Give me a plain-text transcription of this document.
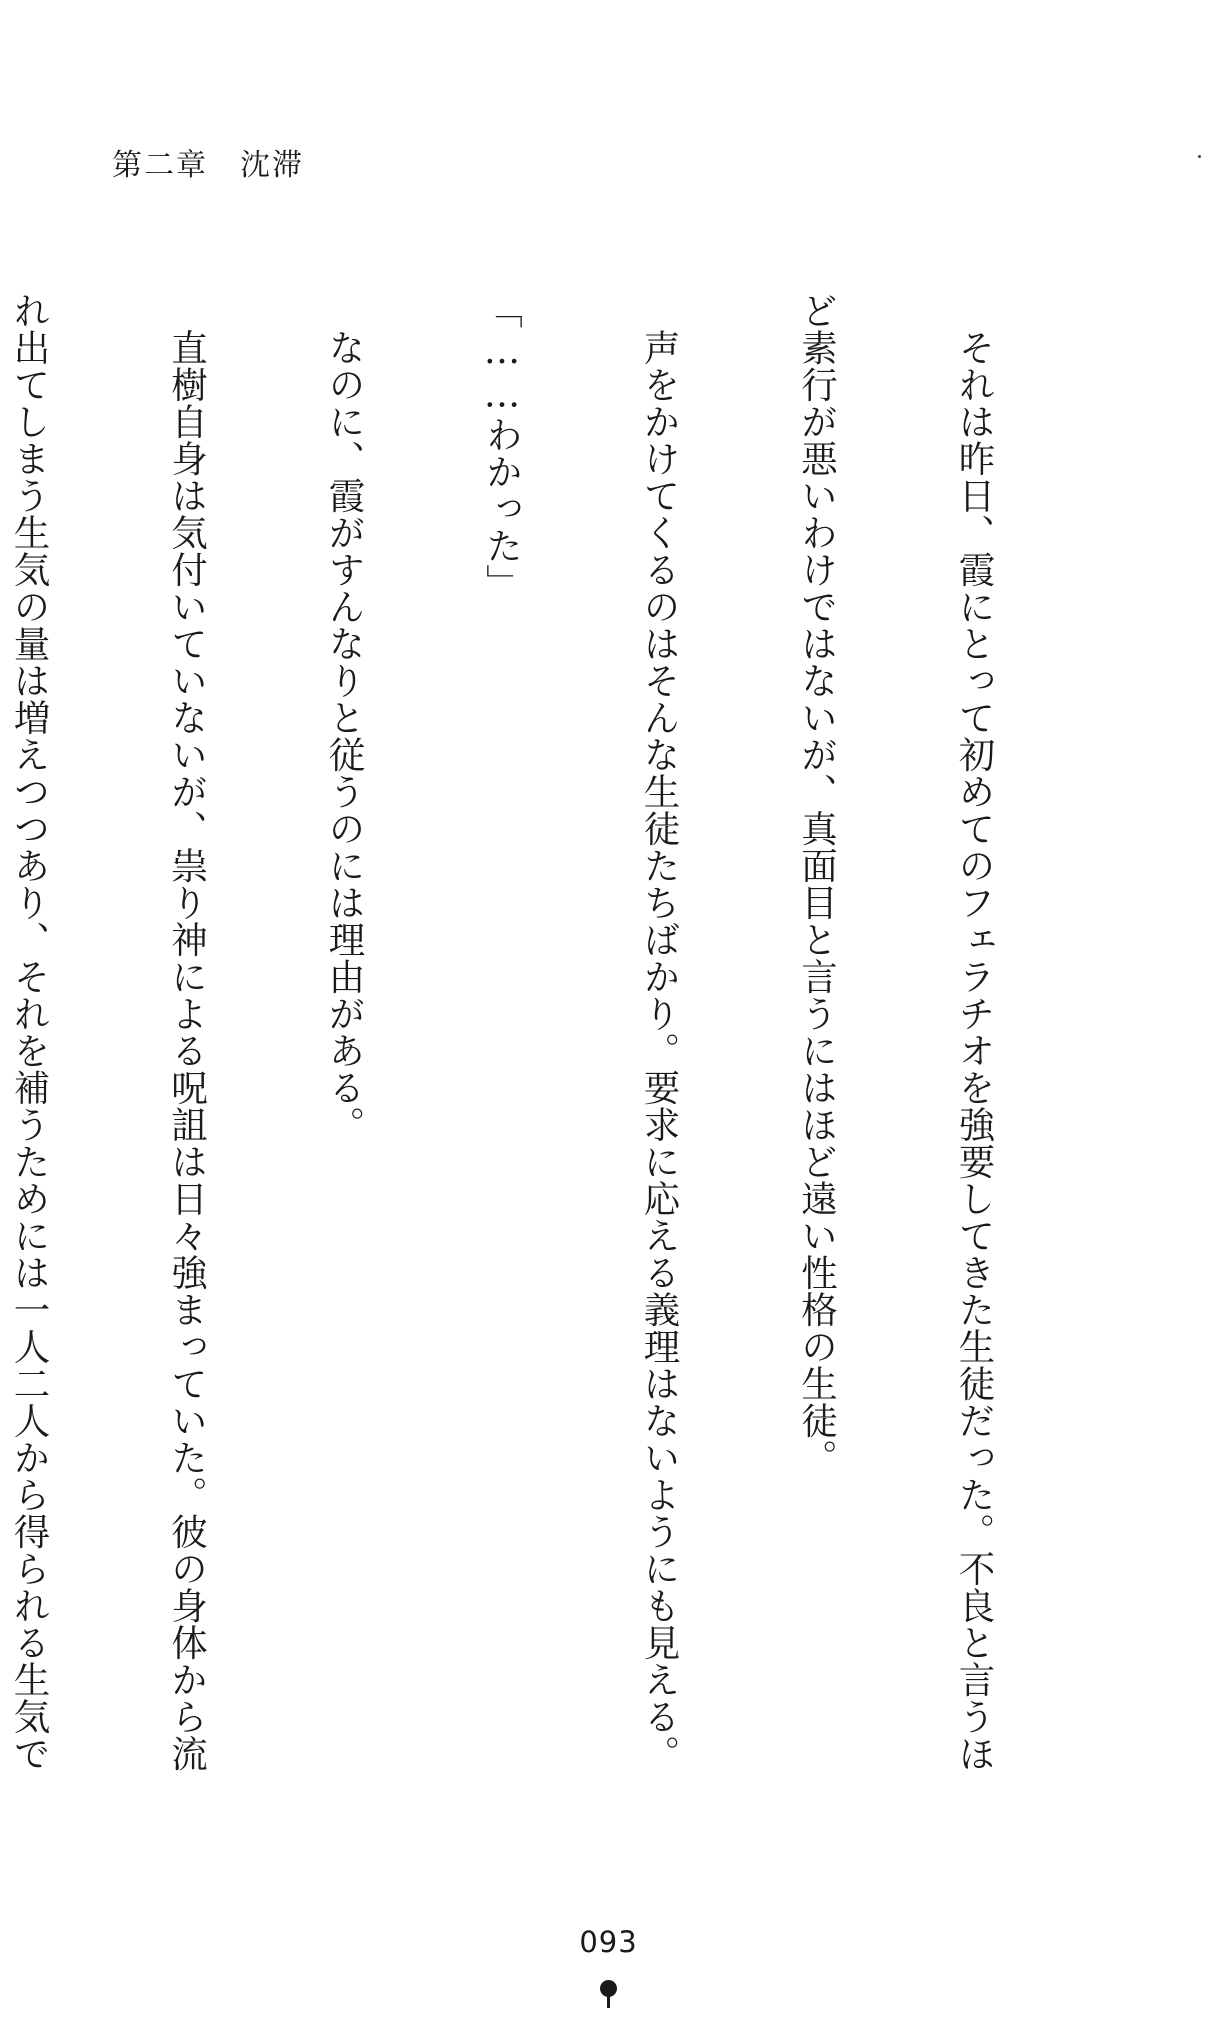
第二章　沈滞

　それは昨日、霞にとって初めてのフェラチオを強要してきた生徒だった。不良と言うほ

ど素行が悪いわけではないが、真面目と言うにはほど遠い性格の生徒。

　声をかけてくるのはそんな生徒たちばかり。要求に応える義理はないようにも見える。

「……わかった」

　なのに、霞がすんなりと従うのには理由がある。

　直樹自身は気付いていないが、祟り神による呪詛は日々強まっていた。彼の身体から流

れ出てしまう生気の量は増えつつあり、それを補うためには一人二人から得られる生気で

093
